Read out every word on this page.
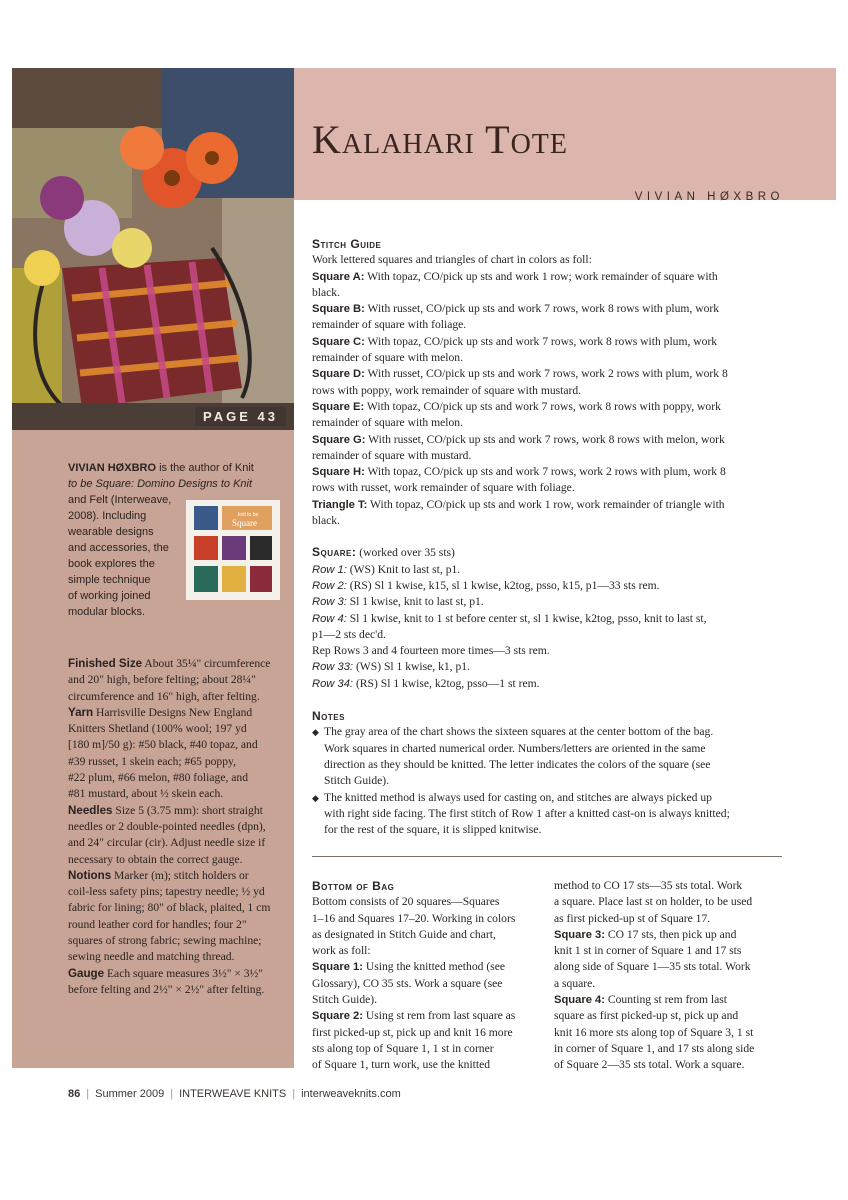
PAGE 43
Kalahari Tote
VIVIAN HØXBRO
VIVIAN HØXBRO is the author of Knit
to be Square: Domino Designs to Knit
and Felt (Interweave,
2008). Including
wearable designs
and accessories, the
book explores the
simple technique
of working joined
modular blocks.
knit to be
Square
Finished Size About 35¼" circumference
and 20" high, before felting; about 28¼"
circumference and 16" high, after felting.
Yarn Harrisville Designs New England
Knitters Shetland (100% wool; 197 yd
[180 m]/50 g): #50 black, #40 topaz, and
#39 russet, 1 skein each; #65 poppy,
#22 plum, #66 melon, #80 foliage, and
#81 mustard, about ½ skein each.
Needles Size 5 (3.75 mm): short straight
needles or 2 double-pointed needles (dpn),
and 24" circular (cir). Adjust needle size if
necessary to obtain the correct gauge.
Notions Marker (m); stitch holders or
coil-less safety pins; tapestry needle; ½ yd
fabric for lining; 80" of black, plaited, 1 cm
round leather cord for handles; four 2"
squares of strong fabric; sewing machine;
sewing needle and matching thread.
Gauge Each square measures 3½" × 3½"
before felting and 2½" × 2½" after felting.
Stitch Guide
Work lettered squares and triangles of chart in colors as foll:
Square A: With topaz, CO/pick up sts and work 1 row; work remainder of square with
black.
Square B: With russet, CO/pick up sts and work 7 rows, work 8 rows with plum, work
remainder of square with foliage.
Square C: With topaz, CO/pick up sts and work 7 rows, work 8 rows with plum, work
remainder of square with melon.
Square D: With russet, CO/pick up sts and work 7 rows, work 2 rows with plum, work 8
rows with poppy, work remainder of square with mustard.
Square E: With topaz, CO/pick up sts and work 7 rows, work 8 rows with poppy, work
remainder of square with melon.
Square G: With russet, CO/pick up sts and work 7 rows, work 8 rows with melon, work
remainder of square with mustard.
Square H: With topaz, CO/pick up sts and work 7 rows, work 2 rows with plum, work 8
rows with russet, work remainder of square with foliage.
Triangle T: With topaz, CO/pick up sts and work 1 row, work remainder of triangle with
black.
Square: (worked over 35 sts)
Row 1: (WS) Knit to last st, p1.
Row 2: (RS) Sl 1 kwise, k15, sl 1 kwise, k2tog, psso, k15, p1—33 sts rem.
Row 3: Sl 1 kwise, knit to last st, p1.
Row 4: Sl 1 kwise, knit to 1 st before center st, sl 1 kwise, k2tog, psso, knit to last st,
p1—2 sts dec'd.
Rep Rows 3 and 4 fourteen more times—3 sts rem.
Row 33: (WS) Sl 1 kwise, k1, p1.
Row 34: (RS) Sl 1 kwise, k2tog, psso—1 st rem.
Notes
◆ The gray area of the chart shows the sixteen squares at the center bottom of the bag.
Work squares in charted numerical order. Numbers/letters are oriented in the same
direction as they should be knitted. The letter indicates the colors of the square (see
Stitch Guide).
◆ The knitted method is always used for casting on, and stitches are always picked up
with right side facing. The first stitch of Row 1 after a knitted cast-on is always knitted;
for the rest of the square, it is slipped knitwise.
Bottom of Bag
Bottom consists of 20 squares—Squares
1–16 and Squares 17–20. Working in colors
as designated in Stitch Guide and chart,
work as foll:
Square 1: Using the knitted method (see
Glossary), CO 35 sts. Work a square (see
Stitch Guide).
Square 2: Using st rem from last square as
first picked-up st, pick up and knit 16 more
sts along top of Square 1, 1 st in corner
of Square 1, turn work, use the knitted
method to CO 17 sts—35 sts total. Work
a square. Place last st on holder, to be used
as first picked-up st of Square 17.
Square 3: CO 17 sts, then pick up and
knit 1 st in corner of Square 1 and 17 sts
along side of Square 1—35 sts total. Work
a square.
Square 4: Counting st rem from last
square as first picked-up st, pick up and
knit 16 more sts along top of Square 3, 1 st
in corner of Square 1, and 17 sts along side
of Square 2—35 sts total. Work a square.
86 | Summer 2009 | INTERWEAVE KNITS | interweaveknits.com
